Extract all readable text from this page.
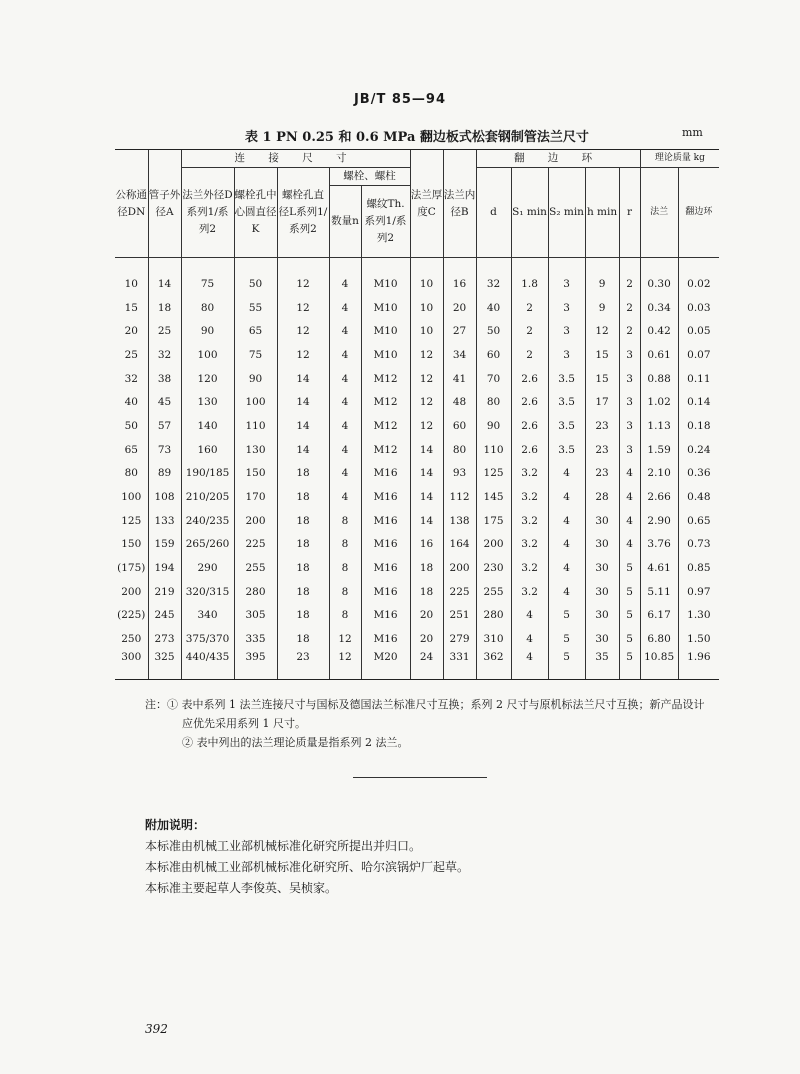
JB/T 85—94
表 1 PN 0.25 和 0.6 MPa 翻边板式松套钢制管法兰尺寸	mm
公称通径DN	管子外径A	连 接 尺 寸					法兰厚度C	法兰内径B	翻 边 环					理论质量 kg	
		法兰外径D系列1/系列2	螺栓孔中心圆直径K	螺栓孔直径L系列1/系列2	螺栓、螺柱				d	S₁ min	S₂ min	h min	r	法兰	翻边环
					数量n	螺纹Th.系列1/系列2									

10	14	75	50	12	4	M10	10	16	32	1.8	3	9	2	0.30	0.02
15	18	80	55	12	4	M10	10	20	40	2	3	9	2	0.34	0.03
20	25	90	65	12	4	M10	10	27	50	2	3	12	2	0.42	0.05
25	32	100	75	12	4	M10	12	34	60	2	3	15	3	0.61	0.07
32	38	120	90	14	4	M12	12	41	70	2.6	3.5	15	3	0.88	0.11
40	45	130	100	14	4	M12	12	48	80	2.6	3.5	17	3	1.02	0.14
50	57	140	110	14	4	M12	12	60	90	2.6	3.5	23	3	1.13	0.18
65	73	160	130	14	4	M12	14	80	110	2.6	3.5	23	3	1.59	0.24
80	89	190/185	150	18	4	M16	14	93	125	3.2	4	23	4	2.10	0.36
100	108	210/205	170	18	4	M16	14	112	145	3.2	4	28	4	2.66	0.48
125	133	240/235	200	18	8	M16	14	138	175	3.2	4	30	4	2.90	0.65
150	159	265/260	225	18	8	M16	16	164	200	3.2	4	30	4	3.76	0.73
(175)	194	290	255	18	8	M16	18	200	230	3.2	4	30	5	4.61	0.85
200	219	320/315	280	18	8	M16	18	225	255	3.2	4	30	5	5.11	0.97
(225)	245	340	305	18	8	M16	20	251	280	4	5	30	5	6.17	1.30
250	273	375/370	335	18	12	M16	20	279	310	4	5	30	5	6.80	1.50
300	325	440/435	395	23	12	M20	24	331	362	4	5	35	5	10.85	1.96
注：① 表中系列 1 法兰连接尺寸与国标及德国法兰标准尺寸互换；系列 2 尺寸与原机标法兰尺寸互换；新产品设计
应优先采用系列 1 尺寸。
② 表中列出的法兰理论质量是指系列 2 法兰。
附加说明：
本标准由机械工业部机械标准化研究所提出并归口。
本标准由机械工业部机械标准化研究所、哈尔滨锅炉厂起草。
本标准主要起草人李俊英、吴桢家。
392
